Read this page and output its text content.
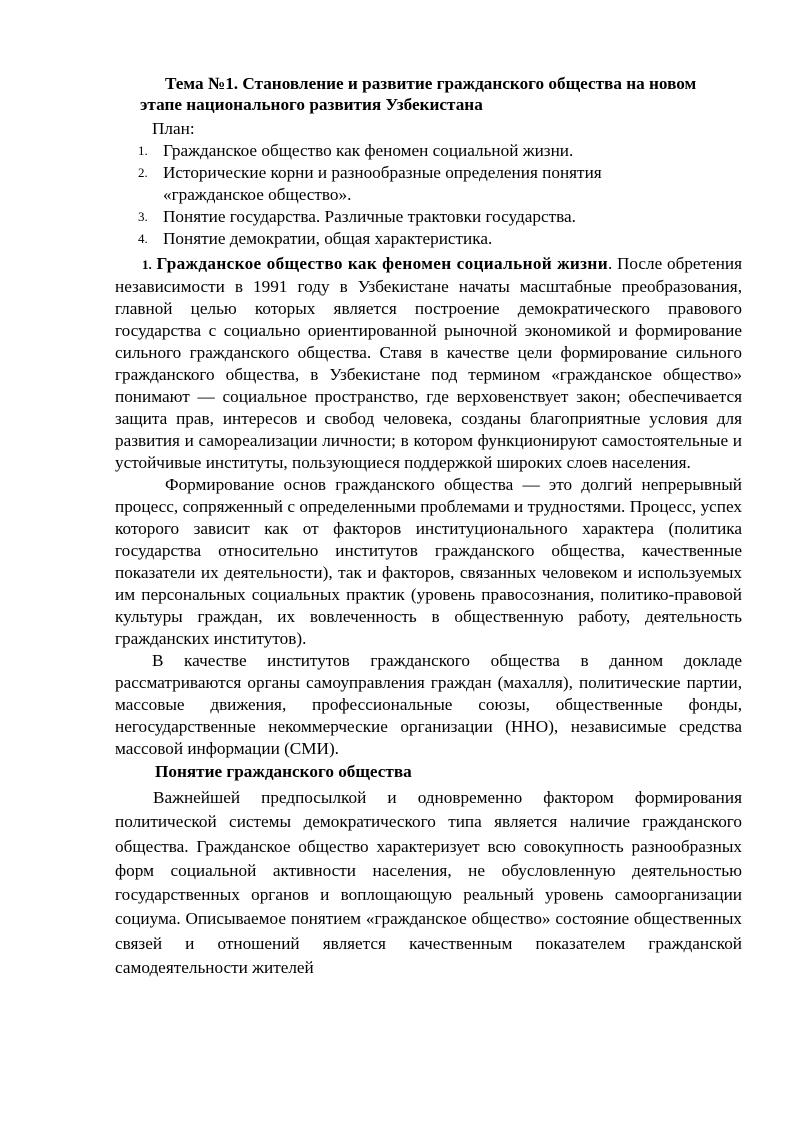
Тема №1. Становление и развитие гражданского общества на новом
этапе национального развития Узбекистана
План:
1. Гражданское общество как феномен социальной жизни.
2. Исторические корни и разнообразные определения понятия «гражданское общество».
3. Понятие государства. Различные трактовки государства.
4. Понятие демократии, общая характеристика.

1. Гражданское общество как феномен социальной жизни. После обретения независимости в 1991 году в Узбекистане начаты масштабные преобразования, главной целью которых является построение демократического правового государства с социально ориентированной рыночной экономикой и формирование сильного гражданского общества. Ставя в качестве цели формирование сильного гражданского общества, в Узбекистане под термином «гражданское общество» понимают — социальное пространство, где верховенствует закон; обеспечивается защита прав, интересов и свобод человека, созданы благоприятные условия для развития и самореализации личности; в котором функционируют самостоятельные и устойчивые институты, пользующиеся поддержкой широких слоев населения.

Формирование основ гражданского общества — это долгий непрерывный процесс, сопряженный с определенными проблемами и трудностями. Процесс, успех которого зависит как от факторов институционального характера (политика государства относительно институтов гражданского общества, качественные показатели их деятельности), так и факторов, связанных человеком и используемых им персональных социальных практик (уровень правосознания, политико-правовой культуры граждан, их вовлеченность в общественную работу, деятельность гражданских институтов).

В качестве институтов гражданского общества в данном докладе рассматриваются органы самоуправления граждан (махалля), политические партии, массовые движения, профессиональные союзы, общественные фонды, негосударственные некоммерческие организации (ННО), независимые средства массовой информации (СМИ).

Понятие гражданского общества

Важнейшей предпосылкой и одновременно фактором формирования политической системы демократического типа является наличие гражданского общества. Гражданское общество характеризует всю совокупность разнообразных форм социальной активности населения, не обусловленную деятельностью государственных органов и воплощающую реальный уровень самоорганизации социума. Описываемое понятием «гражданское общество» состояние общественных связей и отношений является качественным показателем гражданской самодеятельности жителей
